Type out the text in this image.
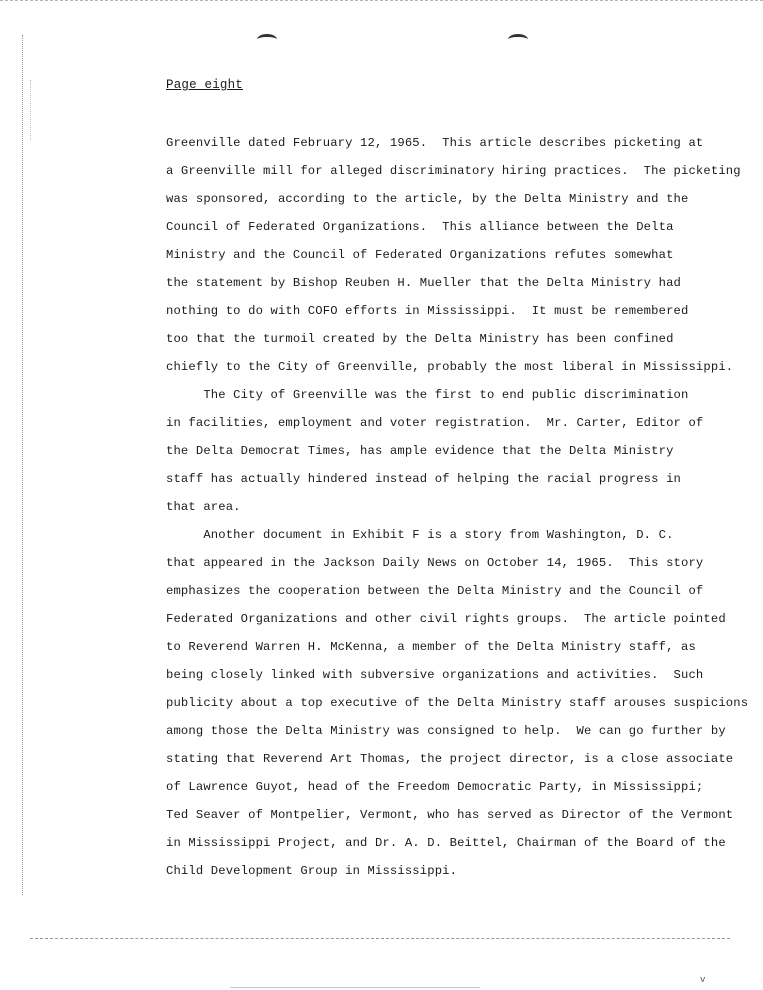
Page eight
Greenville dated February 12, 1965.  This article describes picketing at
a Greenville mill for alleged discriminatory hiring practices.  The picketing
was sponsored, according to the article, by the Delta Ministry and the
Council of Federated Organizations.  This alliance between the Delta
Ministry and the Council of Federated Organizations refutes somewhat
the statement by Bishop Reuben H. Mueller that the Delta Ministry had
nothing to do with COFO efforts in Mississippi.  It must be remembered
too that the turmoil created by the Delta Ministry has been confined
chiefly to the City of Greenville, probably the most liberal in Mississippi.
The City of Greenville was the first to end public discrimination
in facilities, employment and voter registration.  Mr. Carter, Editor of
the Delta Democrat Times, has ample evidence that the Delta Ministry
staff has actually hindered instead of helping the racial progress in
that area.
Another document in Exhibit F is a story from Washington, D. C.
that appeared in the Jackson Daily News on October 14, 1965.  This story
emphasizes the cooperation between the Delta Ministry and the Council of
Federated Organizations and other civil rights groups.  The article pointed
to Reverend Warren H. McKenna, a member of the Delta Ministry staff, as
being closely linked with subversive organizations and activities.  Such
publicity about a top executive of the Delta Ministry staff arouses suspicions
among those the Delta Ministry was consigned to help.  We can go further by
stating that Reverend Art Thomas, the project director, is a close associate
of Lawrence Guyot, head of the Freedom Democratic Party, in Mississippi;
Ted Seaver of Montpelier, Vermont, who has served as Director of the Vermont
in Mississippi Project, and Dr. A. D. Beittel, Chairman of the Board of the
Child Development Group in Mississippi.
v
